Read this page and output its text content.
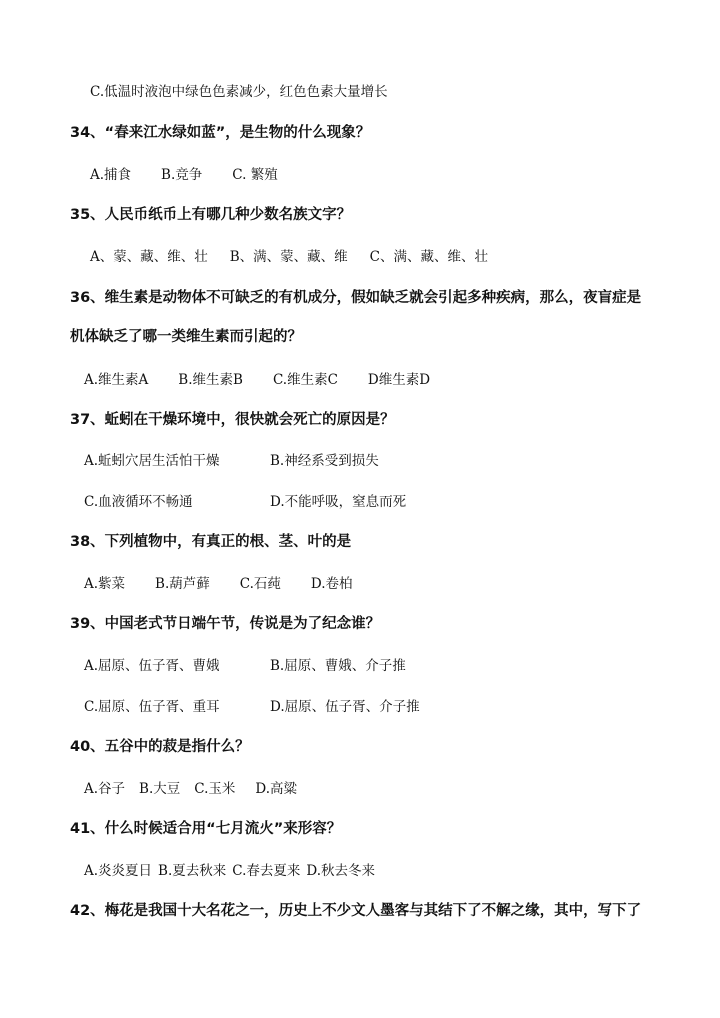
C.低温时液泡中绿色色素减少，红色色素大量增长
34、“春来江水绿如蓝”，是生物的什么现象？
A.捕食 B.竞争 C. 繁殖
35、人民币纸币上有哪几种少数名族文字？
A、蒙、藏、维、壮 B、满、蒙、藏、维 C、满、藏、维、壮
36、维生素是动物体不可缺乏的有机成分，假如缺乏就会引起多种疾病，那么，夜盲症是
机体缺乏了哪一类维生素而引起的？
A.维生素A B.维生素B C.维生素C D维生素D
37、蚯蚓在干燥环境中，很快就会死亡的原因是？
A.蚯蚓穴居生活怕干燥	B.神经系受到损失
C.血液循环不畅通	D.不能呼吸，窒息而死
38、下列植物中，有真正的根、茎、叶的是
A.紫菜 B.葫芦藓 C.石莼 D.卷柏
39、中国老式节日端午节，传说是为了纪念谁？
A.屈原、伍子胥、曹娥	B.屈原、曹娥、介子推
C.屈原、伍子胥、重耳	D.屈原、伍子胥、介子推
40、五谷中的菽是指什么？
A.谷子 B.大豆 C.玉米 D.高粱
41、什么时候适合用“七月流火”来形容？
A.炎炎夏日 B.夏去秋来 C.春去夏来 D.秋去冬来
42、梅花是我国十大名花之一，历史上不少文人墨客与其结下了不解之缘，其中，写下了
